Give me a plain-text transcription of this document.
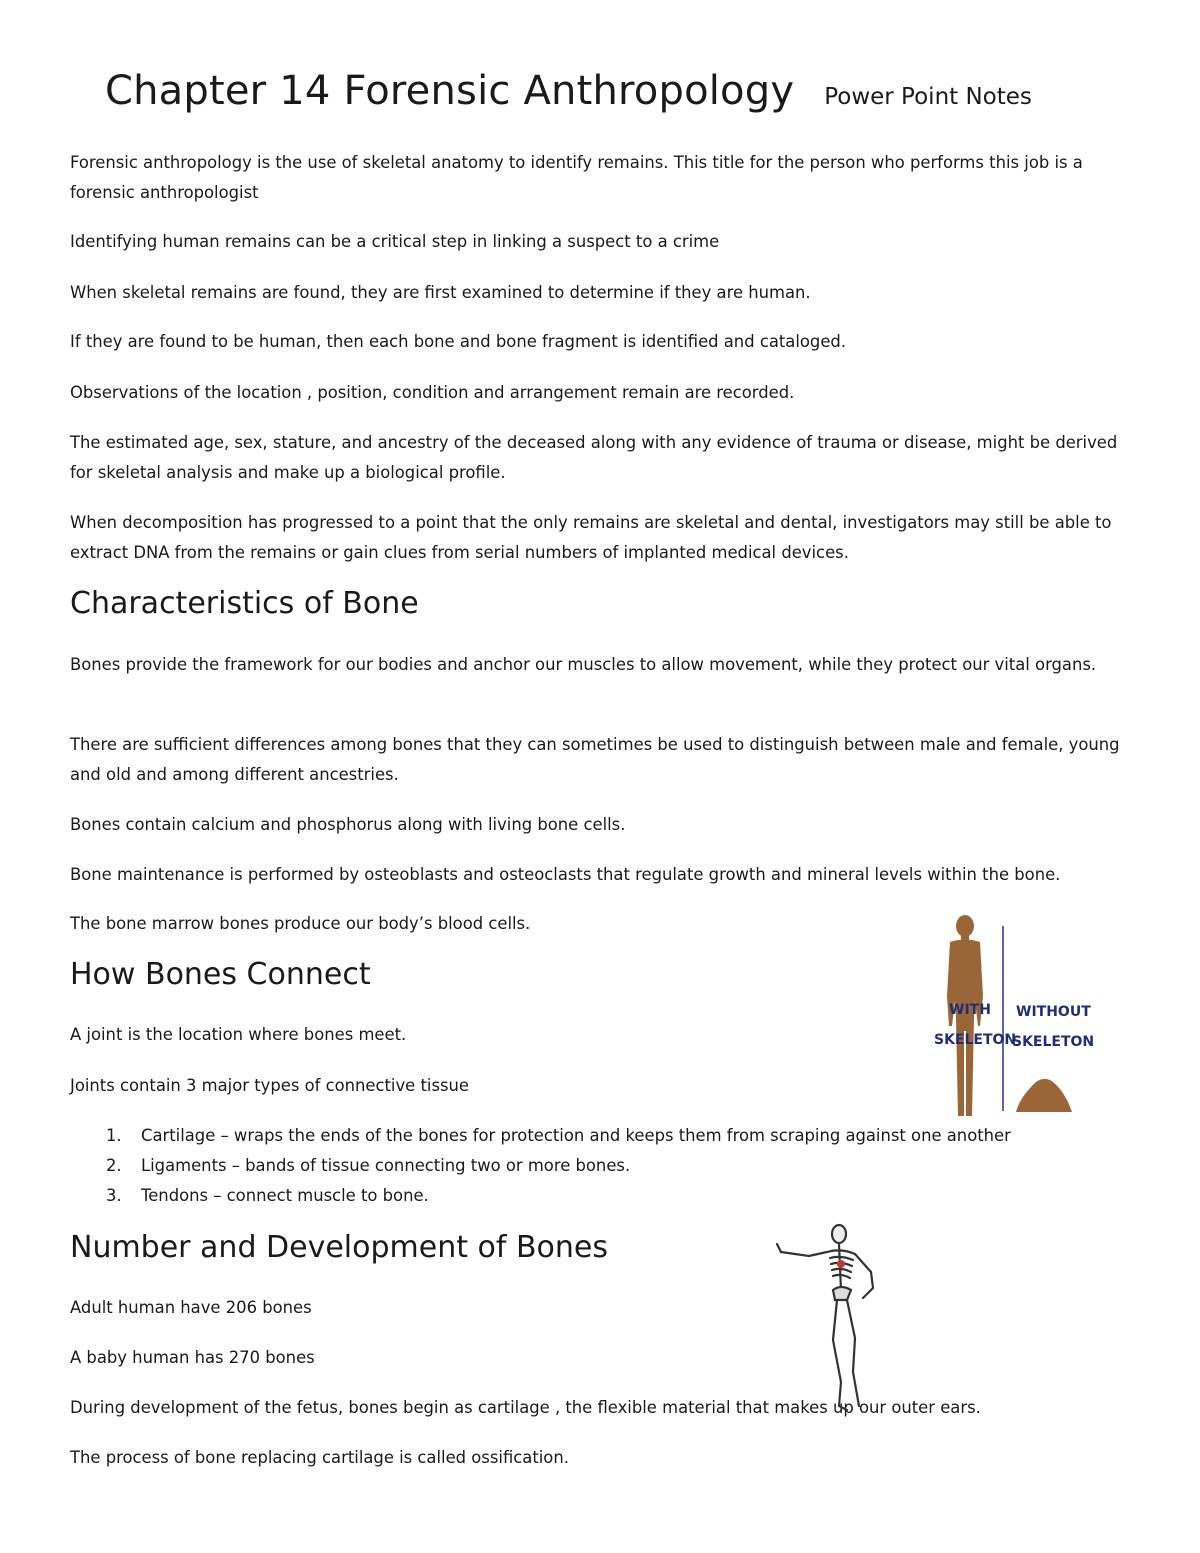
Chapter 14 Forensic Anthropology Power Point Notes

Forensic anthropology is the use of skeletal anatomy to identify remains. This title for the person who performs this job is a forensic anthropologist

Identifying human remains can be a critical step in linking a suspect to a crime

When skeletal remains are found, they are first examined to determine if they are human.

If they are found to be human, then each bone and bone fragment is identified and cataloged.

Observations of the location , position, condition and arrangement remain are recorded.

The estimated age, sex, stature, and ancestry of the deceased along with any evidence of trauma or disease, might be derived for skeletal analysis and make up a biological profile.

When decomposition has progressed to a point that the only remains are skeletal and dental, investigators may still be able to extract DNA from the remains or gain clues from serial numbers of implanted medical devices.

Characteristics of Bone

Bones provide the framework for our bodies and anchor our muscles to allow movement, while they protect our vital organs.

There are sufficient differences among bones that they can sometimes be used to distinguish between male and female, young and old and among different ancestries.

Bones contain calcium and phosphorus along with living bone cells.

Bone maintenance is performed by osteoblasts and osteoclasts that regulate growth and mineral levels within the bone.

The bone marrow bones produce our body’s blood cells.

How Bones Connect

A joint is the location where bones meet.

Joints contain 3 major types of connective tissue

1. Cartilage – wraps the ends of the bones for protection and keeps them from scraping against one another
2. Ligaments – bands of tissue connecting two or more bones.
3. Tendons – connect muscle to bone.
Number and Development of Bones

Adult human have 206 bones

A baby human has 270 bones

During development of the fetus, bones begin as cartilage , the flexible material that makes up our outer ears.

The process of bone replacing cartilage is called ossification.

WITH
SKELETON
WITHOUT
SKELETON
